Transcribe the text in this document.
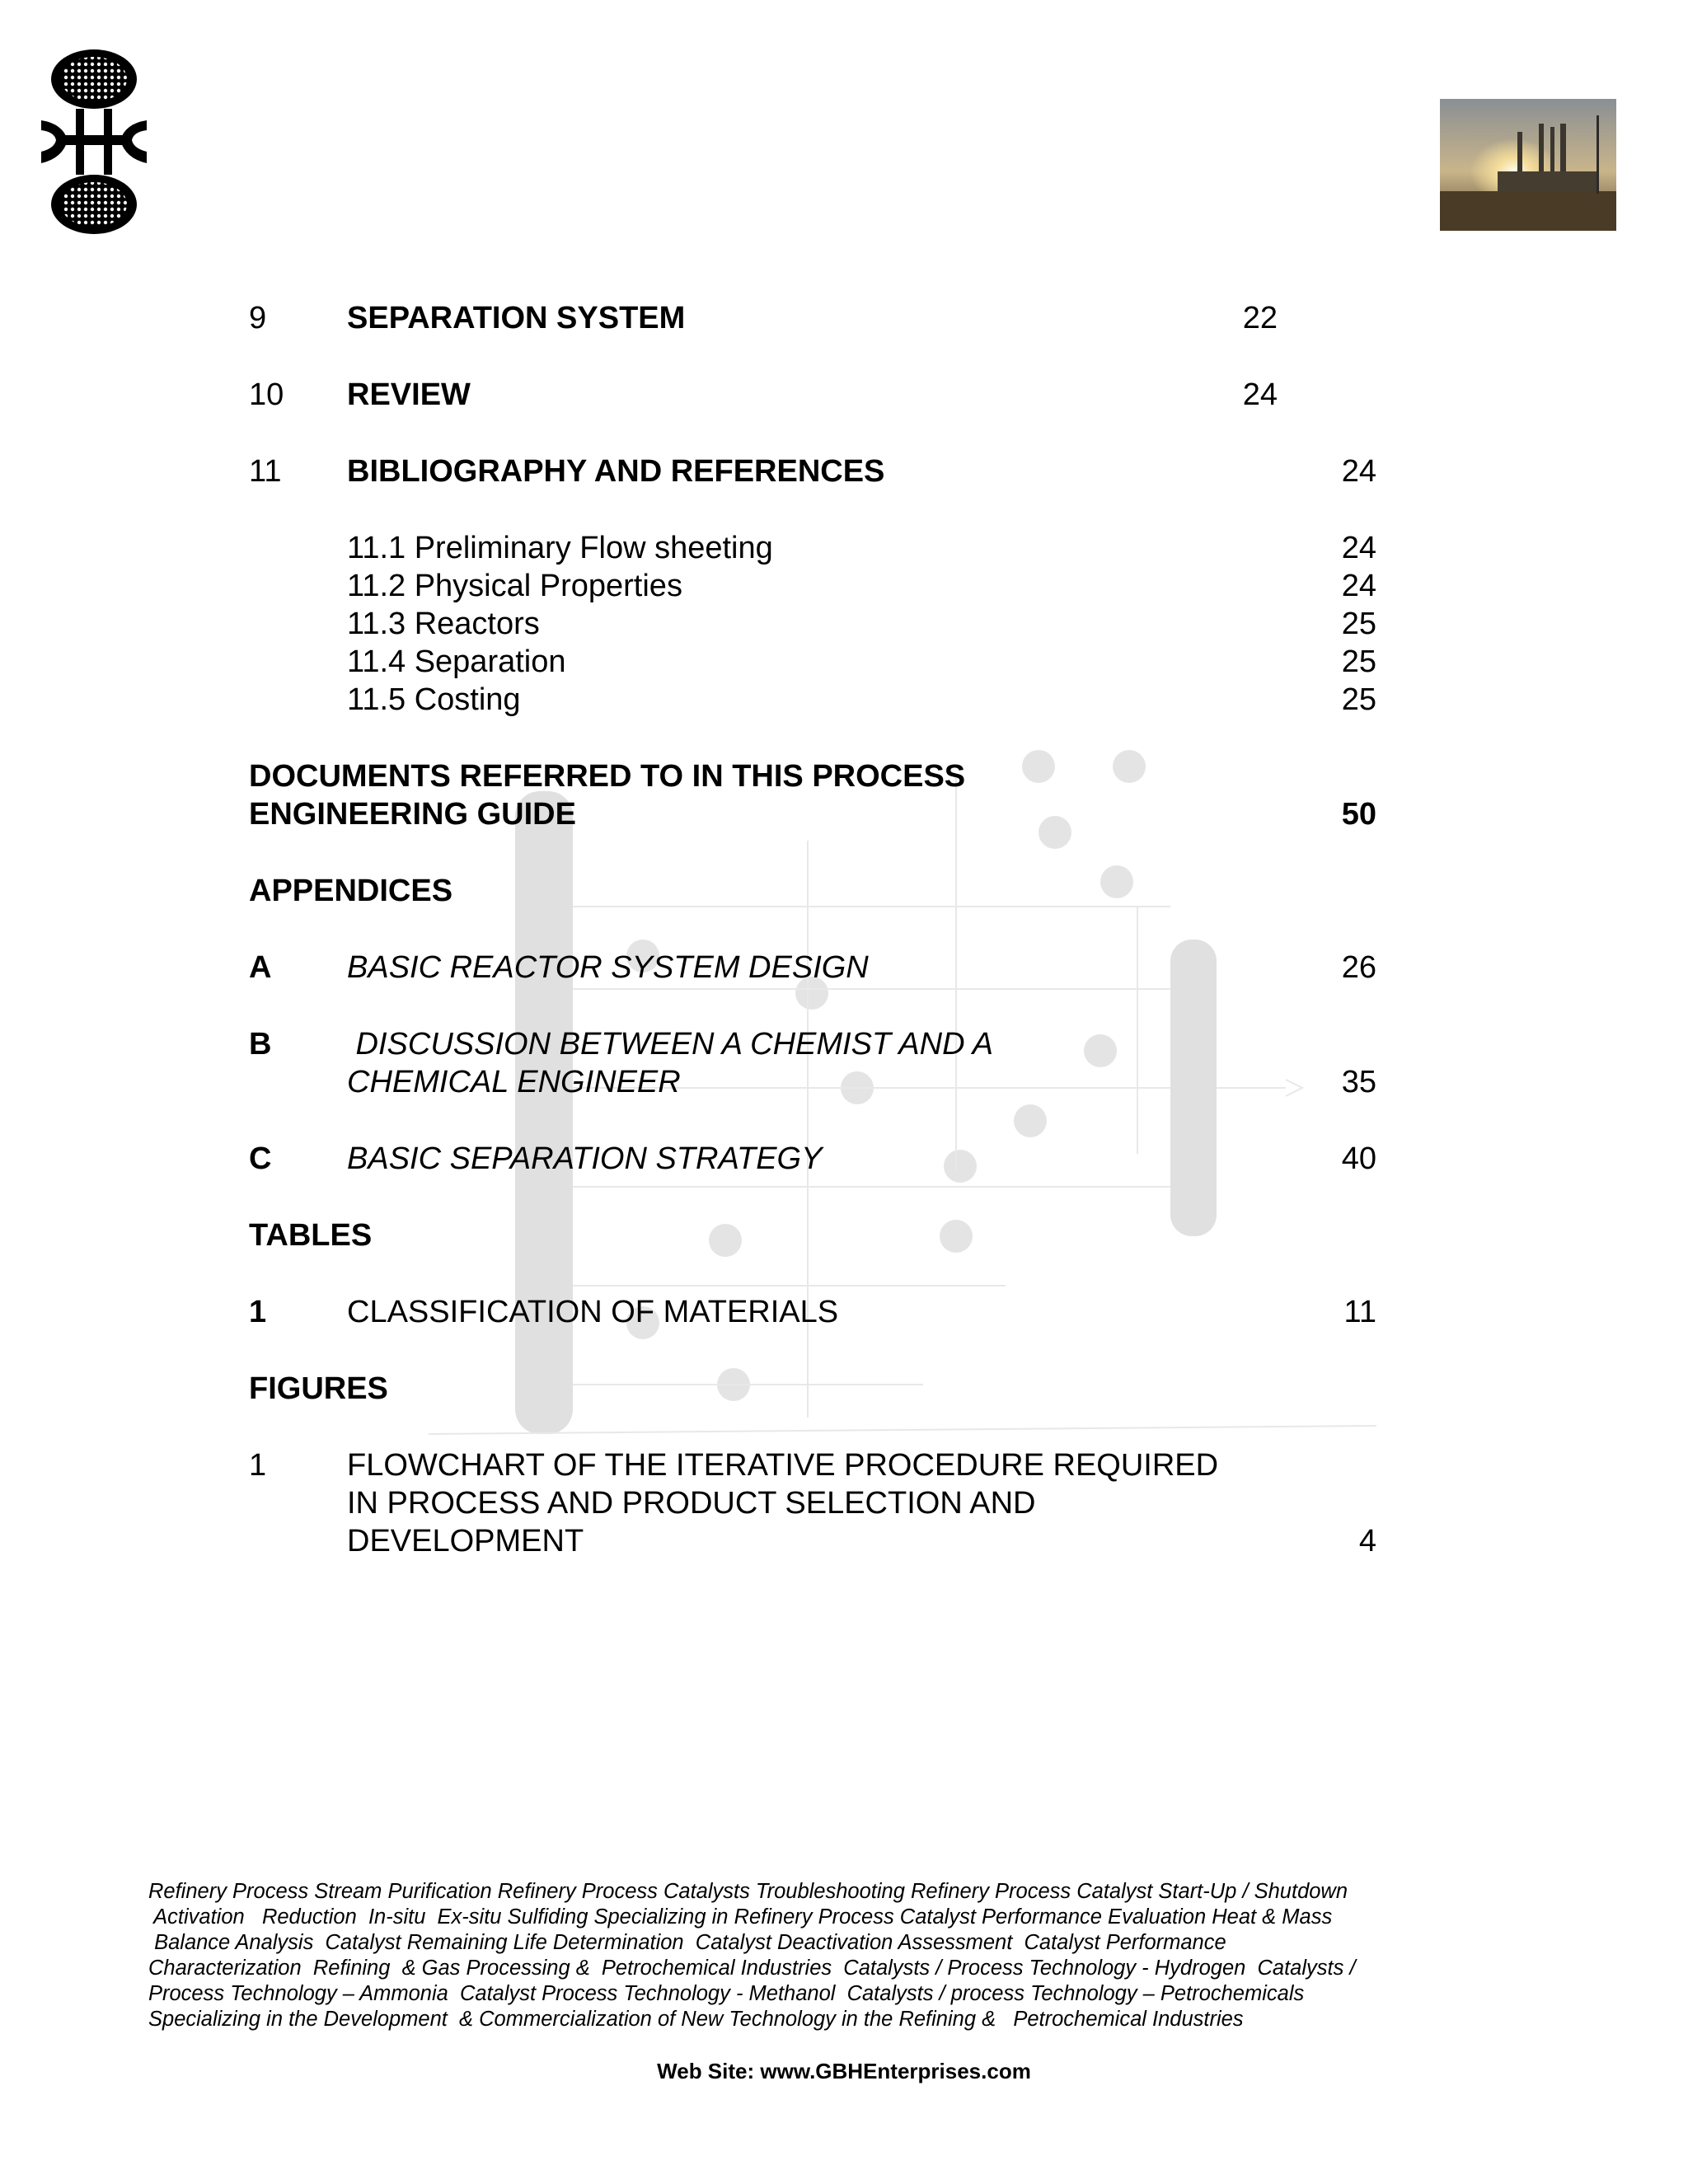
9	SEPARATION SYSTEM	22
10 REVIEW	24
11 BIBLIOGRAPHY AND REFERENCES	24
11.1 Preliminary Flow sheeting	24
11.2 Physical Properties	24
11.3 Reactors	25
11.4 Separation	25
11.5 Costing	25
DOCUMENTS REFERRED TO IN THIS PROCESS
ENGINEERING GUIDE	50
APPENDICES
A BASIC REACTOR SYSTEM DESIGN	26
B DISCUSSION BETWEEN A CHEMIST AND A
CHEMICAL ENGINEER	35
C BASIC SEPARATION STRATEGY	40
TABLES
1	CLASSIFICATION OF MATERIALS	11
FIGURES
1	FLOWCHART OF THE ITERATIVE PROCEDURE REQUIRED
IN PROCESS AND PRODUCT SELECTION AND
DEVELOPMENT	4
Refinery Process Stream Purification Refinery Process Catalysts Troubleshooting Refinery Process Catalyst Start-Up / Shutdown
Activation   Reduction  In-situ  Ex-situ Sulfiding Specializing in Refinery Process Catalyst Performance Evaluation Heat & Mass
Balance Analysis  Catalyst Remaining Life Determination  Catalyst Deactivation Assessment  Catalyst Performance
Characterization  Refining  & Gas Processing &  Petrochemical Industries  Catalysts / Process Technology - Hydrogen  Catalysts /
Process Technology – Ammonia  Catalyst Process Technology - Methanol  Catalysts / process Technology – Petrochemicals
Specializing in the Development  & Commercialization of New Technology in the Refining &   Petrochemical Industries
Web Site: www.GBHEnterprises.com
